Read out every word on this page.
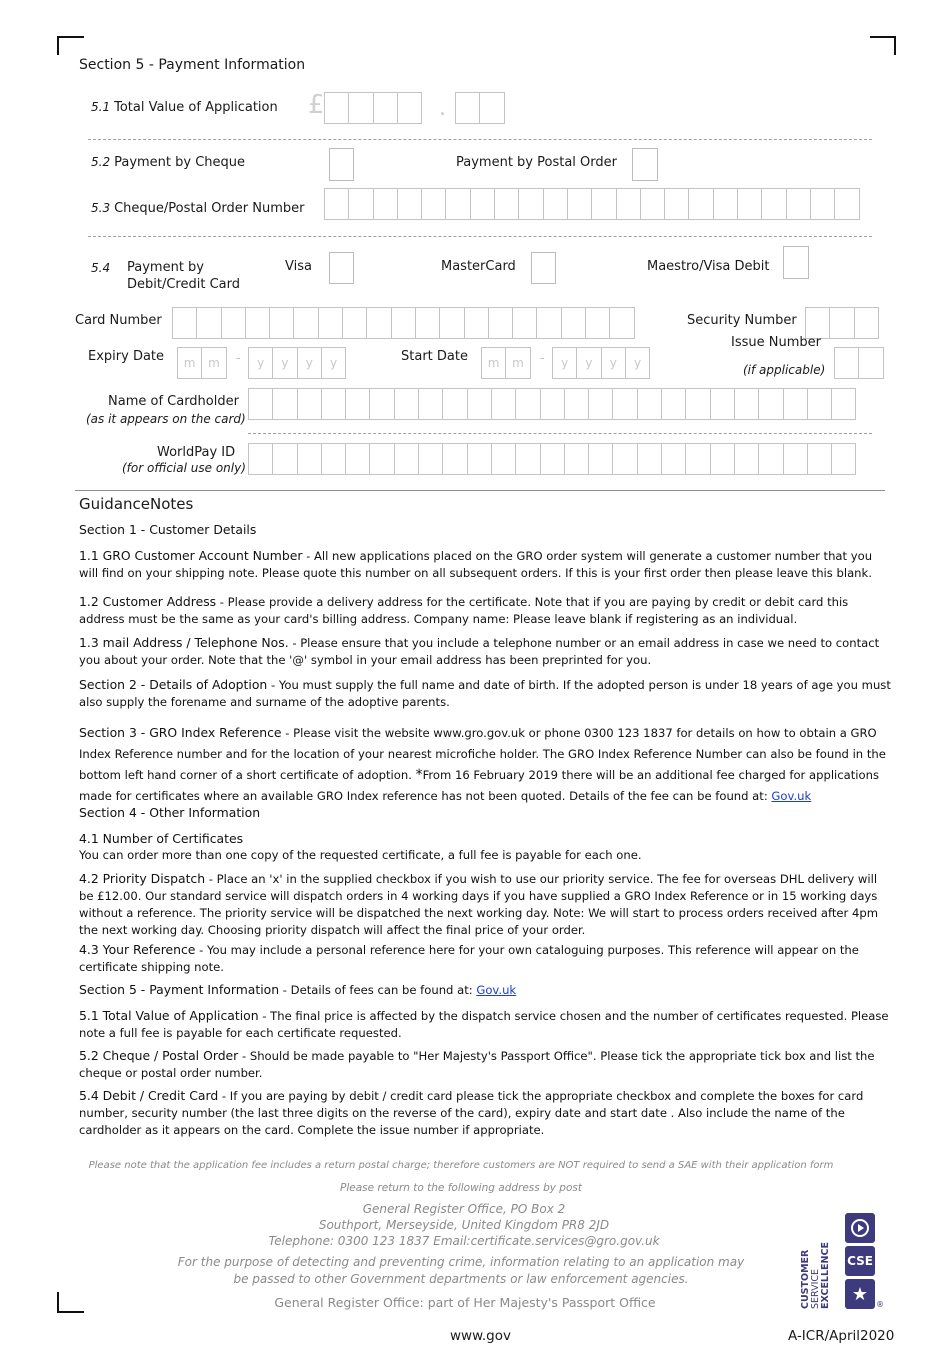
Section 5 - Payment Information
5.1 Total Value of Application £	.
5.2 Payment by Cheque	Payment by Postal Order
5.3 Cheque/Postal Order Number
5.4 Payment by
Debit/Credit Card
Visa	MasterCard	Maestro/Visa Debit
Card Number	Security Number
Issue Number
(if applicable)
Expiry Date	m	m	-	y	y	y	y	Start Date	m	m	-	y	y	y	y
Name of Cardholder
(as it appears on the card)
WorldPay ID
(for official use only)
GuidanceNotes
Section 1 - Customer Details
1.1 GRO Customer Account Number - All new applications placed on the GRO order system will generate a customer number that you will find on your shipping note. Please quote this number on all subsequent orders. If this is your first order then please leave this blank.
1.2 Customer Address - Please provide a delivery address for the certificate. Note that if you are paying by credit or debit card this address must be the same as your card's billing address. Company name: Please leave blank if registering as an individual.
1.3 mail Address / Telephone Nos. - Please ensure that you include a telephone number or an email address in case we need to contact you about your order. Note that the '@' symbol in your email address has been preprinted for you.
Section 2 - Details of Adoption - You must supply the full name and date of birth. If the adopted person is under 18 years of age you must also supply the forename and surname of the adoptive parents.
Section 3 - GRO Index Reference - Please visit the website www.gro.gov.uk or phone 0300 123 1837 for details on how to obtain a GRO Index Reference number and for the location of your nearest microfiche holder. The GRO Index Reference Number can also be found in the bottom left hand corner of a short certificate of adoption. *From 16 February 2019 there will be an additional fee charged for applications made for certificates where an available GRO Index reference has not been quoted. Details of the fee can be found at: Gov.uk
Section 4 - Other Information
4.1 Number of Certificates
You can order more than one copy of the requested certificate, a full fee is payable for each one.
4.2 Priority Dispatch - Place an 'x' in the supplied checkbox if you wish to use our priority service. The fee for overseas DHL delivery will be £12.00. Our standard service will dispatch orders in 4 working days if you have supplied a GRO Index Reference or in 15 working days without a reference. The priority service will be dispatched the next working day. Note: We will start to process orders received after 4pm the next working day. Choosing priority dispatch will affect the final price of your order.
4.3 Your Reference - You may include a personal reference here for your own cataloguing purposes. This reference will appear on the certificate shipping note.
Section 5 - Payment Information - Details of fees can be found at: Gov.uk
5.1 Total Value of Application - The final price is affected by the dispatch service chosen and the number of certificates requested. Please note a full fee is payable for each certificate requested.
5.2 Cheque / Postal Order - Should be made payable to "Her Majesty's Passport Office". Please tick the appropriate tick box and list the cheque or postal order number.
5.4 Debit / Credit Card - If you are paying by debit / credit card please tick the appropriate checkbox and complete the boxes for card number, security number (the last three digits on the reverse of the card), expiry date and start date . Also include the name of the cardholder as it appears on the card. Complete the issue number if appropriate.
Please note that the application fee includes a return postal charge; therefore customers are NOT required to send a SAE with their application form
Please return to the following address by post
General Register Office, PO Box 2
Southport, Merseyside, United Kingdom PR8 2JD
Telephone: 0300 123 1837 Email:certificate.services@gro.gov.uk
For the purpose of detecting and preventing crime, information relating to an application may
be passed to other Government departments or law enforcement agencies.
General Register Office: part of Her Majesty's Passport Office	CUSTOMER SERVICE EXCELLENCE CSE
★ ®
www.gov	A-ICR/April2020
